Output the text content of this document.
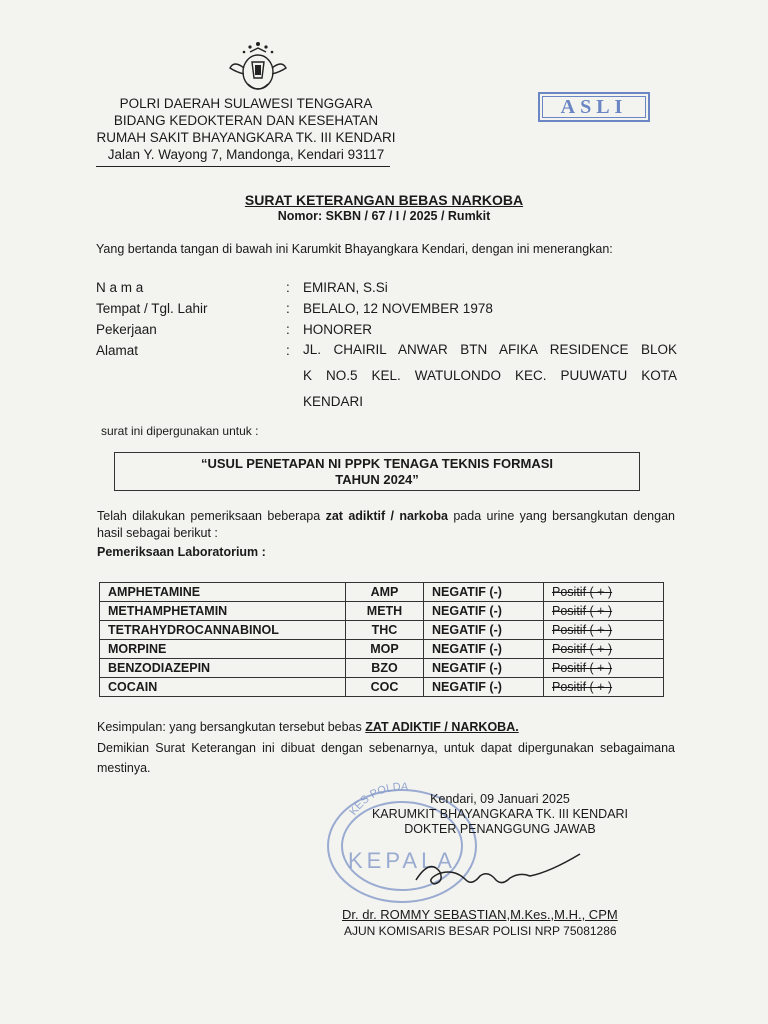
POLRI DAERAH SULAWESI TENGGARA
BIDANG KEDOKTERAN DAN KESEHATAN
RUMAH SAKIT BHAYANGKARA TK. III KENDARI
Jalan Y. Wayong 7, Mandonga, Kendari 93117
ASLI
SURAT KETERANGAN BEBAS NARKOBA
Nomor: SKBN / 67 / I / 2025 / Rumkit
Yang bertanda tangan di bawah ini Karumkit Bhayangkara Kendari, dengan ini menerangkan:
N a m a	: EMIRAN, S.Si
Tempat / Tgl. Lahir	: BELALO, 12 NOVEMBER 1978
Pekerjaan	: HONORER
Alamat	: JL. CHAIRIL ANWAR BTN AFIKA RESIDENCE BLOK
K NO.5 KEL. WATULONDO KEC. PUUWATU KOTA
KENDARI
surat ini dipergunakan untuk :
“USUL PENETAPAN NI PPPK TENAGA TEKNIS FORMASI
TAHUN 2024”
Telah dilakukan pemeriksaan beberapa zat adiktif / narkoba pada urine yang bersangkutan dengan hasil sebagai berikut :
Pemeriksaan Laboratorium :
AMPHETAMINE	AMP	NEGATIF (-)	Positif ( + )
METHAMPHETAMIN	METH	NEGATIF (-)	Positif ( + )
TETRAHYDROCANNABINOL	THC	NEGATIF (-)	Positif ( + )
MORPINE	MOP	NEGATIF (-)	Positif ( + )
BENZODIAZEPIN	BZO	NEGATIF (-)	Positif ( + )
COCAIN	COC	NEGATIF (-)	Positif ( + )
Kesimpulan: yang bersangkutan tersebut bebas ZAT ADIKTIF / NARKOBA.
Demikian Surat Keterangan ini dibuat dengan sebenarnya, untuk dapat dipergunakan sebagaimana mestinya.
KES POLDA
KEPALA
Kendari, 09 Januari 2025
KARUMKIT BHAYANGKARA TK. III KENDARI
DOKTER PENANGGUNG JAWAB
Dr. dr. ROMMY SEBASTIAN,M.Kes.,M.H., CPM
AJUN KOMISARIS BESAR POLISI NRP 75081286
